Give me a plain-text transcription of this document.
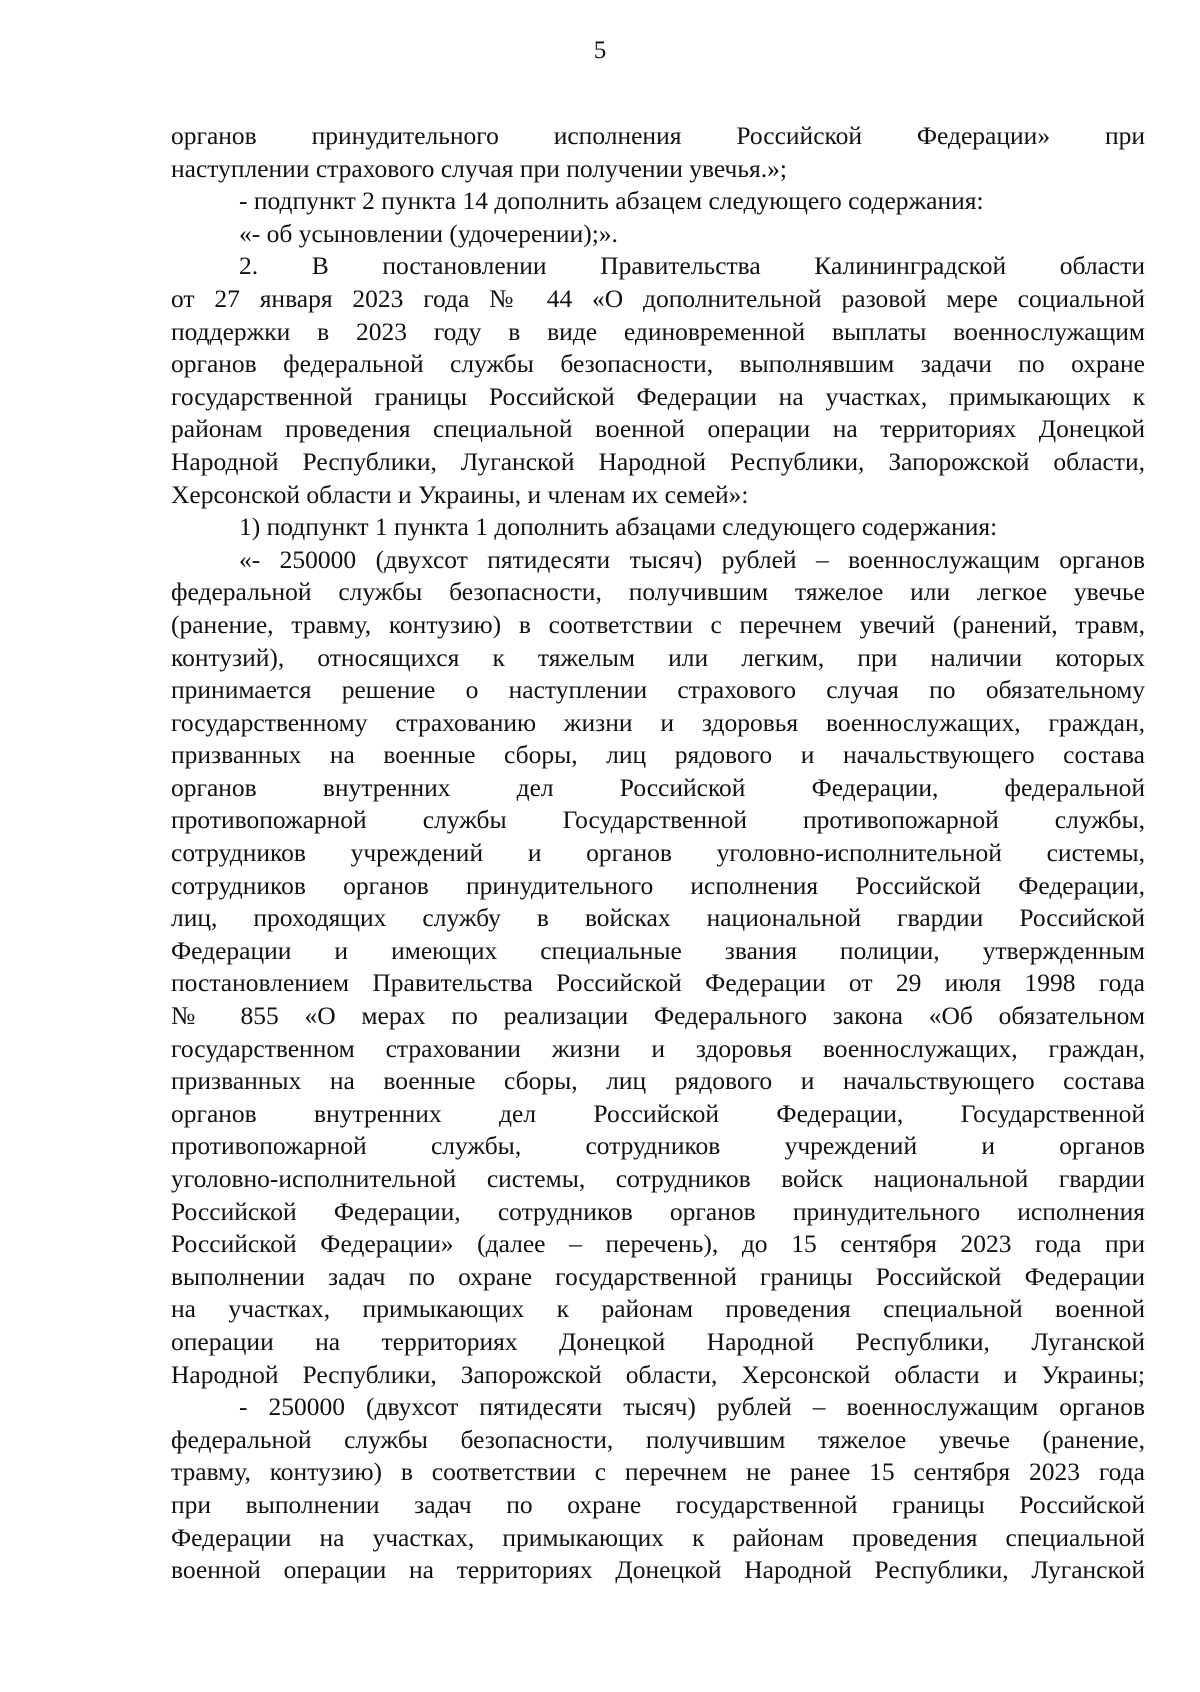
5
органов принудительного исполнения Российской Федерации» при
наступлении страхового случая при получении увечья.»;
- подпункт 2 пункта 14 дополнить абзацем следующего содержания:
«- об усыновлении (удочерении);».
2. В постановлении Правительства Калининградской области
от 27 января 2023 года № 44 «О дополнительной разовой мере социальной
поддержки в 2023 году в виде единовременной выплаты военнослужащим
органов федеральной службы безопасности, выполнявшим задачи по охране
государственной границы Российской Федерации на участках, примыкающих к
районам проведения специальной военной операции на территориях Донецкой
Народной Республики, Луганской Народной Республики, Запорожской области,
Херсонской области и Украины, и членам их семей»:
1) подпункт 1 пункта 1 дополнить абзацами следующего содержания:
«- 250000 (двухсот пятидесяти тысяч) рублей – военнослужащим органов
федеральной службы безопасности, получившим тяжелое или легкое увечье
(ранение, травму, контузию) в соответствии с перечнем увечий (ранений, травм,
контузий), относящихся к тяжелым или легким, при наличии которых
принимается решение о наступлении страхового случая по обязательному
государственному страхованию жизни и здоровья военнослужащих, граждан,
призванных на военные сборы, лиц рядового и начальствующего состава
органов внутренних дел Российской Федерации, федеральной
противопожарной службы Государственной противопожарной службы,
сотрудников учреждений и органов уголовно-исполнительной системы,
сотрудников органов принудительного исполнения Российской Федерации,
лиц, проходящих службу в войсках национальной гвардии Российской
Федерации и имеющих специальные звания полиции, утвержденным
постановлением Правительства Российской Федерации от 29 июля 1998 года
№ 855 «О мерах по реализации Федерального закона «Об обязательном
государственном страховании жизни и здоровья военнослужащих, граждан,
призванных на военные сборы, лиц рядового и начальствующего состава
органов внутренних дел Российской Федерации, Государственной
противопожарной службы, сотрудников учреждений и органов
уголовно-исполнительной системы, сотрудников войск национальной гвардии
Российской Федерации, сотрудников органов принудительного исполнения
Российской Федерации» (далее – перечень), до 15 сентября 2023 года при
выполнении задач по охране государственной границы Российской Федерации
на участках, примыкающих к районам проведения специальной военной
операции на территориях Донецкой Народной Республики, Луганской
Народной Республики, Запорожской области, Херсонской области и Украины;
- 250000 (двухсот пятидесяти тысяч) рублей – военнослужащим органов
федеральной службы безопасности, получившим тяжелое увечье (ранение,
травму, контузию) в соответствии с перечнем не ранее 15 сентября 2023 года
при выполнении задач по охране государственной границы Российской
Федерации на участках, примыкающих к районам проведения специальной
военной операции на территориях Донецкой Народной Республики, Луганской
